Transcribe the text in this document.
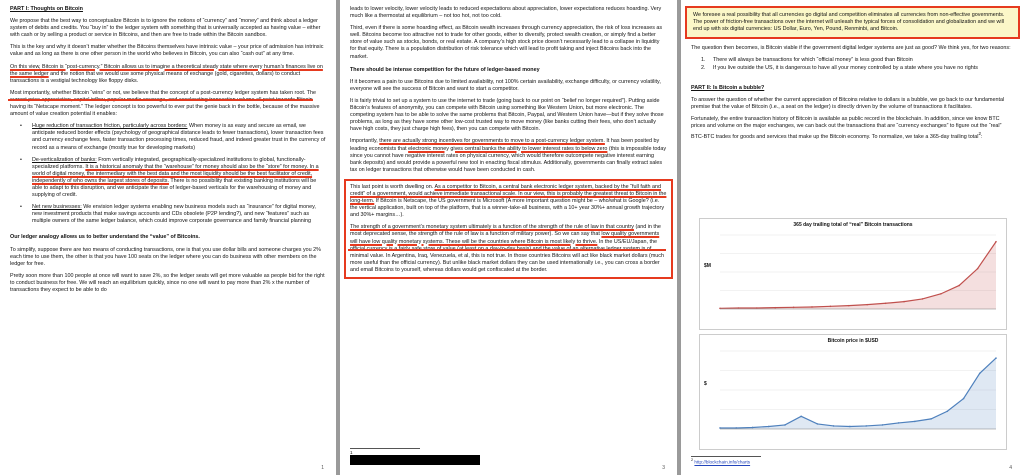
PART I: Thoughts on Bitcoin

We propose that the best way to conceptualize Bitcoin is to ignore the notions of “currency” and “money” and think about a ledger system of debits and credits. You “buy in” to the ledger system with something that is universally accepted as having value – either with cash or by selling a product or service in Bitcoins, and then are free to trade within the Bitcoin sandbox.

This is the key and why it doesn’t matter whether the Bitcoins themselves have intrinsic value – your price of admission has intrinsic value and as long as there is one other person in the world who believes in Bitcoin, you can also “cash out” at any time.

On this view, Bitcoin is “post-currency.” Bitcoin allows us to imagine a theoretical steady state where every human’s finances live on the same ledger and the notion that we would use some physical means of exchange (gold, cigarettes, dollars) to conduct transactions is a vestigial technology like floppy disks.

Most importantly, whether Bitcoin “wins” or not, we believe that the concept of a post-currency ledger system has taken root. The having its “Netscape moment.” The ledger concept is too powerful to ever put the genie back in the bottle, because of the massive amount of value creation potential it enables:

• Huge reduction of transaction friction, particularly across borders: When money is as easy and secure as email, we anticipate reduced border effects (psychology of geographical distance leads to fewer transactions), lower transaction fees and currency exchange fees, faster transaction processing times, reduced fraud, and indeed greater trust in the currency of record as a means of exchange (mostly true for developing markets)
• De-verticalization of banks: From vertically integrated, geographically-specialized institutions to global, functionally-specialized platforms. It is a historical anomaly that the “warehouse” for money should also be the “store” for money. In a world of digital money, the intermediary with the best data and the most liquidity should be the best facilitator of credit, independently of who owns the largest stores of deposits. There is no possibility that existing banking institutions will be able to adapt to this disruption, and we anticipate the rise of ledger-based verticals for the warehousing of money and supplying of credit.
• Net new businesses: We envision ledger systems enabling new business models such as “insurance” for digital money, new investment products that make savings accounts and CDs obsolete (P2P lending?), and new “features” such as multiple owners of the same ledger balance, which could improve corporate governance and family financial planning
Our ledger analogy allows us to better understand the “value” of Bitcoins.

To simplify, suppose there are two means of conducting transactions, one is that you use dollar bills and someone charges you 2% each time to use them, the other is that you have 100 seats on the ledger where you can do business with other members on the ledger for free.

Pretty soon more than 100 people at once will want to save 2%, so the ledger seats will get more valuable as people bid for the right to conduct business for free. We will reach an equilibrium quickly, since no one will want to pay more than 2% x the number of transactions they expect to be able to do

1

leads to lower velocity, lower velocity leads to reduced expectations about appreciation, lower expectations reduces hoarding. Very much like a thermostat at equilibrium – not too hot, not too cold.

Third, even if there is some hoarding effect, as Bitcoin wealth increases through currency appreciation, the risk of loss increases as well. Bitcoins become too attractive not to trade for other goods, either to diversify, protect wealth creation, or simply find a better store of value such as stocks, bonds, or real estate. A company’s high stock price doesn’t necessarily lead to a collapse in liquidity for that equity. There is a population distribution of risk tolerance which will lead to profit taking and inject Bitcoins back into the market.

There should be intense competition for the future of ledger-based money

If it becomes a pain to use Bitcoins due to limited availability, not 100% certain availability, exchange difficulty, or currency volatility, everyone will see the success of Bitcoin and want to start a competitor.

It is fairly trivial to set up a system to use the internet to trade (going back to our point on “belief no longer required”). Putting aside Bitcoin’s features of anonymity, you can compete with Bitcoin using something like Western Union, but more electronic. The competing system has to be able to solve the same problems that Bitcoin, Paypal, and Western Union have—but if they solve those problems, as long as they have some other low-cost trusted way to move money (like banks cutting their fees, who don’t actually have high costs, they just charge high fees), then you can compete with Bitcoin.

Importantly, there are actually strong incentives for governments to move to a post-currency ledger system. It has been posited by leading economists that electronic money gives central banks the ability to lower interest rates to below zero (this is impossible today since you cannot have negative interest rates on physical currency, which would therefore outcompete negative interest earning bank deposits) and would provide a powerful new tool in enacting fiscal stimulus. Additionally, governments can finally extract sales tax on ledger transactions that otherwise would have been conducted in cash.

This last point is worth dwelling on. As a competitor to Bitcoin, a central bank electronic ledger system, backed by the “full faith and credit” of a government, would achieve immediate transactional scale. In our view, this is probably the greatest threat to Bitcoin in the long-term. If Bitcoin is Netscape, the US government is Microsoft (A more important question might be – who/what is Google? (i.e. the vertical application, built on top of the platform, that is a winner-take-all business, with a 10+ year 30%+ annual growth trajectory and 30%+ margins…).

The strength of a government’s monetary system ultimately is a function of the strength of the rule of law in that country (and in the most deprecated sense, the strength of the rule of law is a function of military power). So we can say that low quality governments will have low quality monetary systems. These will be the countries where Bitcoin is most likely to thrive. In the US/EU/Japan, the minimal value. In Argentina, Iraq, Venezuela, et al, this is not true. In those countries Bitcoins will act like black market dollars (much more useful than the official currency). But unlike black market dollars they can be used internationally i.e., you can cross a border and email Bitcoins to yourself, whereas dollars would get confiscated at the border.

1
3
We foresee a real possibility that all currencies go digital and competition eliminates all currencies from non-effective governments. The power of friction-free transactions over the internet will unleash the typical forces of consolidation and globalization and we will end up with six digital currencies: US Dollar, Euro, Yen, Pound, Renminbi, and Bitcoin.

The question then becomes, is Bitcoin viable if the government digital ledger systems are just as good? We think yes, for two reasons:

1. There will always be transactions for which “official money” is less good than Bitcoin
2. If you live outside the US, it is dangerous to have all your money controlled by a state where you have no rights
PART II: Is Bitcoin a bubble?

To answer the question of whether the current appreciation of Bitcoins relative to dollars is a bubble, we go back to our fundamental premise that the value of Bitcoin (i.e., a seat on the ledger) is directly driven by the volume of transactions it facilitates.

Fortunately, the entire transaction history of Bitcoin is available as public record in the blockchain. In addition, since we know BTC prices and volume on the major exchanges, we can back out the transactions that are “currency exchanges” to figure out the “real” BTC-BTC trades for goods and services that make up the Bitcoin economy. To normalize, we take a 365-day trailing total$^2$:

365 day trailing total of “real” Bitcoin transactions
$M
Bitcoin price in $USD
$
$^2$ http://blockchain.info/charts
4
